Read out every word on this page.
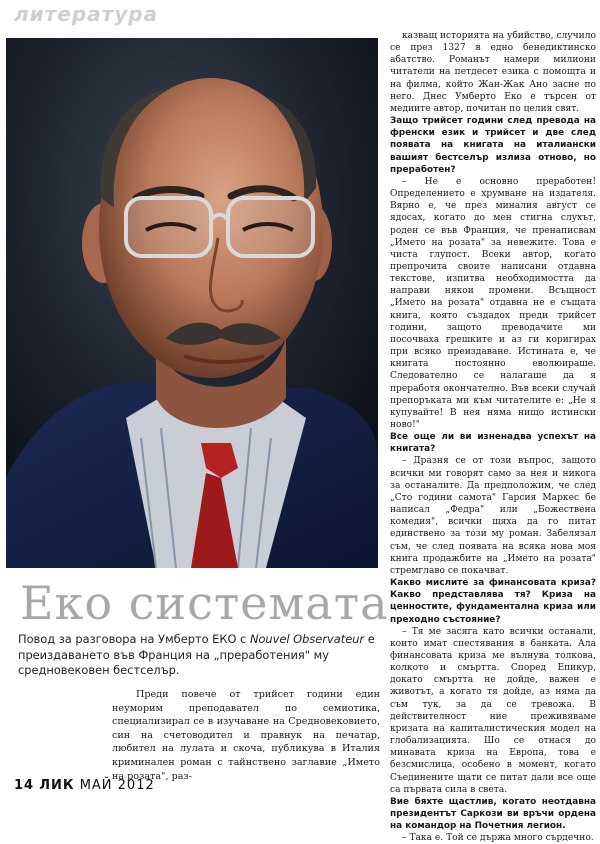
литература
Еко системата
Повод за разговора на Умберто ЕКО с Nouvel Observateur е преиздаването във Франция на „преработения" му средновековен бестселър.

Преди повече от трийсет години един неуморим преподавател по семиотика, специализирал се в изучаване на Средновековието, син на счетоводител и правнук на печатар, любител на лулата и скоча, публикува в Италия криминален роман с тайнствено заглавие „Името на розата", раз-

казващ историята на убийство, случило се през 1327 в едно бенедиктинско абатство. Романът намери милиони читатели на петдесет езика с помощта и на филма, който Жан-Жак Ано засне по него. Днес Умберто Еко е търсен от медиите автор, почитан по целия свят.

Защо трийсет години след превода на френски език и трийсет и две след появата на книгата на италиански вашият бестселър излиза отново, но преработен?

– Не е основно преработен! Определението е хрумване на издателя. Вярно е, че през миналия август се ядосах, когато до мен стигна слухът, роден се във Франция, че пренаписвам „Името на розата" за невежите. Това е чиста глупост. Всеки автор, когато препрочита своите написани отдавна текстове, изпитва необходимостта да направи някои промени. Всъщност „Името на розата" отдавна не е същата книга, която създадох преди трийсет години, защото преводачите ми посочваха грешките и аз ги коригирах при всяко преиздаване. Истината е, че книгата постоянно еволюираше. Следователно се налагаше да я преработя окончателно. Във всеки случай препоръката ми към читателите е: „Не я купувайте! В нея няма нищо истински ново!"

Все още ли ви изненадва успехът на книгата?

– Дразня се от този въпрос, защото всички ми говорят само за нея и никога за останалите. Да предположим, че след „Сто години самота" Гарсия Маркес бе написал „Федра" или „Божествена комедия", всички щяха да го питат единствено за този му роман. Забелязал съм, че след появата на всяка нова моя книга продажбите на „Името на розата" стремглаво се покачват.

Какво мислите за финансовата криза? Какво представлява тя? Криза на ценностите, фундаментална криза или преходно състояние?

– Тя ме засяга като всички останали, които имат спестявания в банката. Ала финансовата криза ме вълнува толкова, колкото и смъртта. Според Епикур, докато смъртта не дойде, важен е животът, а когато тя дойде, аз няма да съм тук, за да се тревожа. В действителност ние преживяваме кризата на капиталистическия модел на глобализацията. Шо се отнася до минавата криза на Европа, това е безсмислица, особено в момент, когато Съединените щати се питат дали все още са първата сила в света.

Вие бяхте щастлив, когато неотдавна президентът Саркози ви връчи ордена на командор на Почетния легион.

– Така е. Той се държа много сърдечно.

14 ЛИК МАЙ 2012
